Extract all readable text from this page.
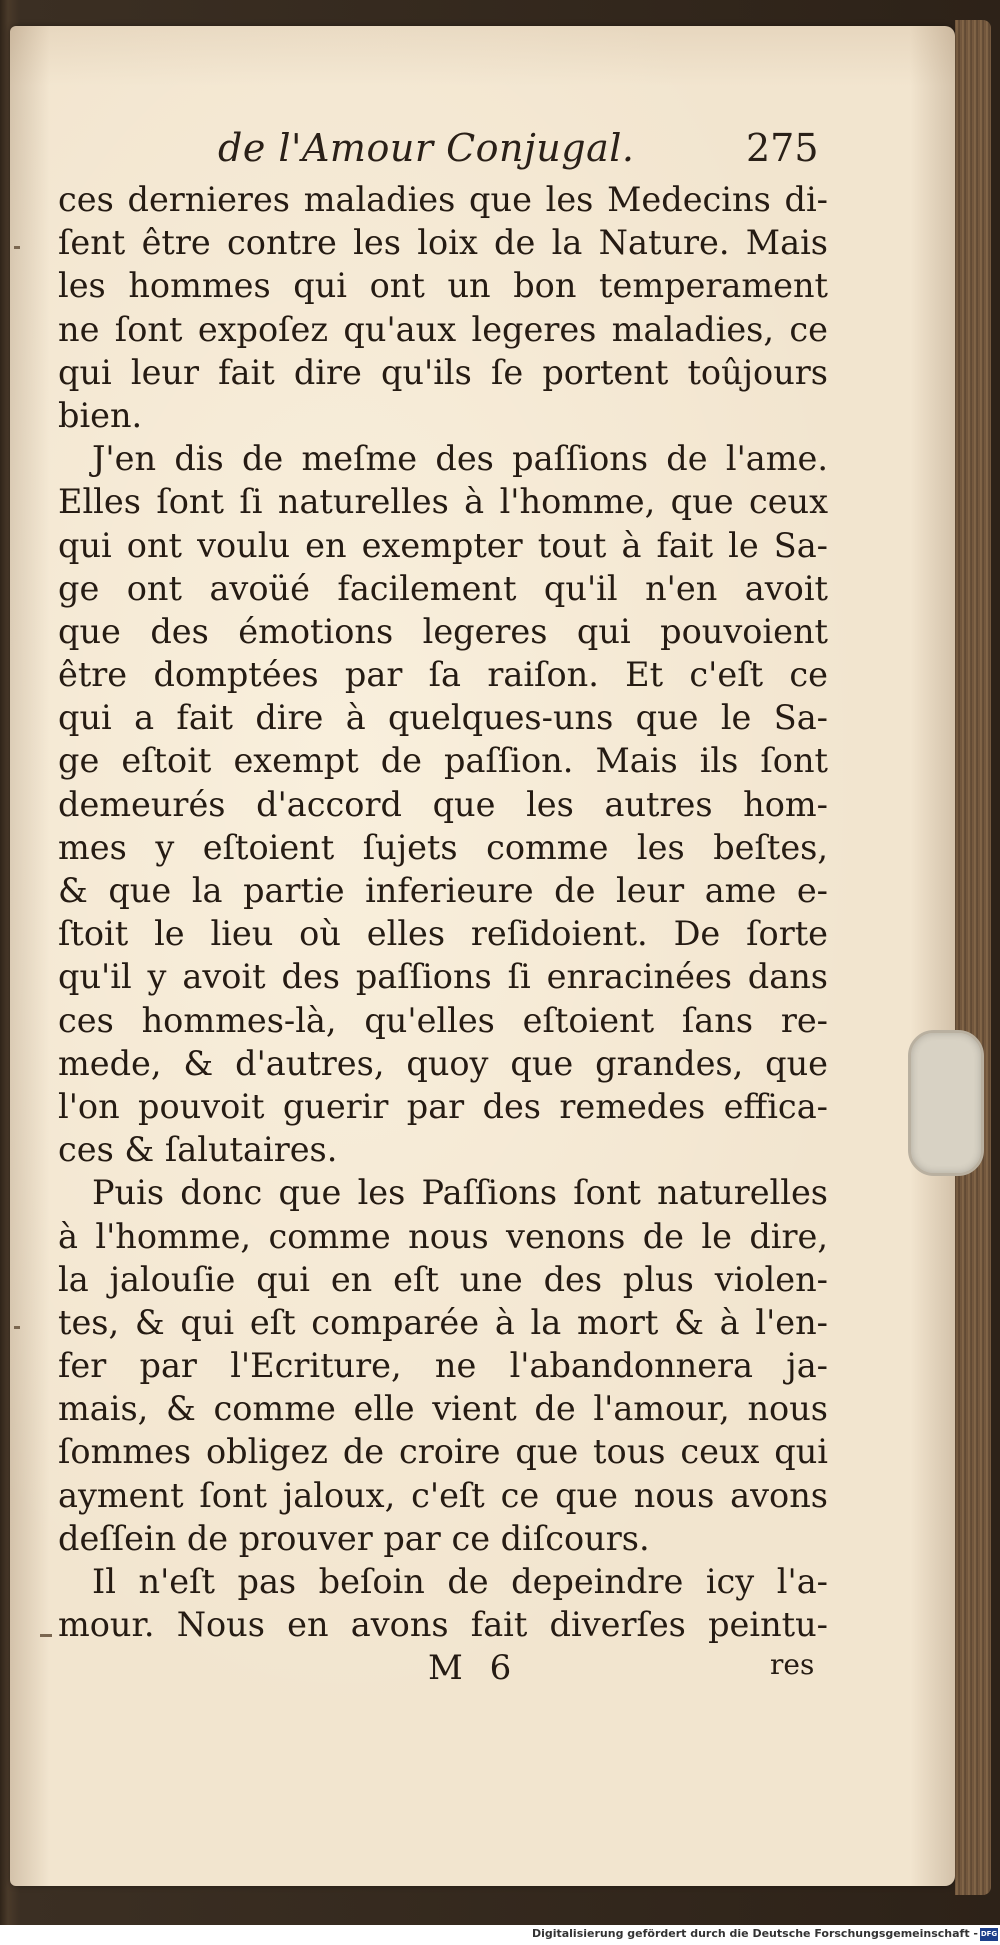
de l'Amour Conjugal.	275
ces dernieres maladies que les Medecins di-
ſent être contre les loix de la Nature. Mais
les hommes qui ont un bon temperament
ne ſont expoſez qu'aux legeres maladies, ce
qui leur fait dire qu'ils ſe portent toûjours
bien.
J'en dis de meſme des paſſions de l'ame.
Elles ſont ſi naturelles à l'homme, que ceux
qui ont voulu en exempter tout à fait le Sa-
ge ont avoüé facilement qu'il n'en avoit
que des émotions legeres qui pouvoient
être domptées par ſa raiſon. Et c'eſt ce
qui a fait dire à quelques-uns que le Sa-
ge eſtoit exempt de paſſion. Mais ils ſont
demeurés d'accord que les autres hom-
mes y eſtoient ſujets comme les beſtes,
& que la partie inferieure de leur ame e-
ſtoit le lieu où elles reſidoient. De ſorte
qu'il y avoit des paſſions ſi enracinées dans
ces hommes-là, qu'elles eſtoient ſans re-
mede, & d'autres, quoy que grandes, que
l'on pouvoit guerir par des remedes effica-
ces & ſalutaires.
Puis donc que les Paſſions ſont naturelles
à l'homme, comme nous venons de le dire,
la jalouſie qui en eſt une des plus violen-
tes, & qui eſt comparée à la mort & à l'en-
fer par l'Ecriture, ne l'abandonnera ja-
mais, & comme elle vient de l'amour, nous
ſommes obligez de croire que tous ceux qui
ayment ſont jaloux, c'eſt ce que nous avons
deſſein de prouver par ce diſcours.
Il n'eſt pas beſoin de depeindre icy l'a-
mour. Nous en avons fait diverſes peintu-
M 6	res
Digitalisierung gefördert durch die Deutsche Forschungsgemeinschaft - DFG
